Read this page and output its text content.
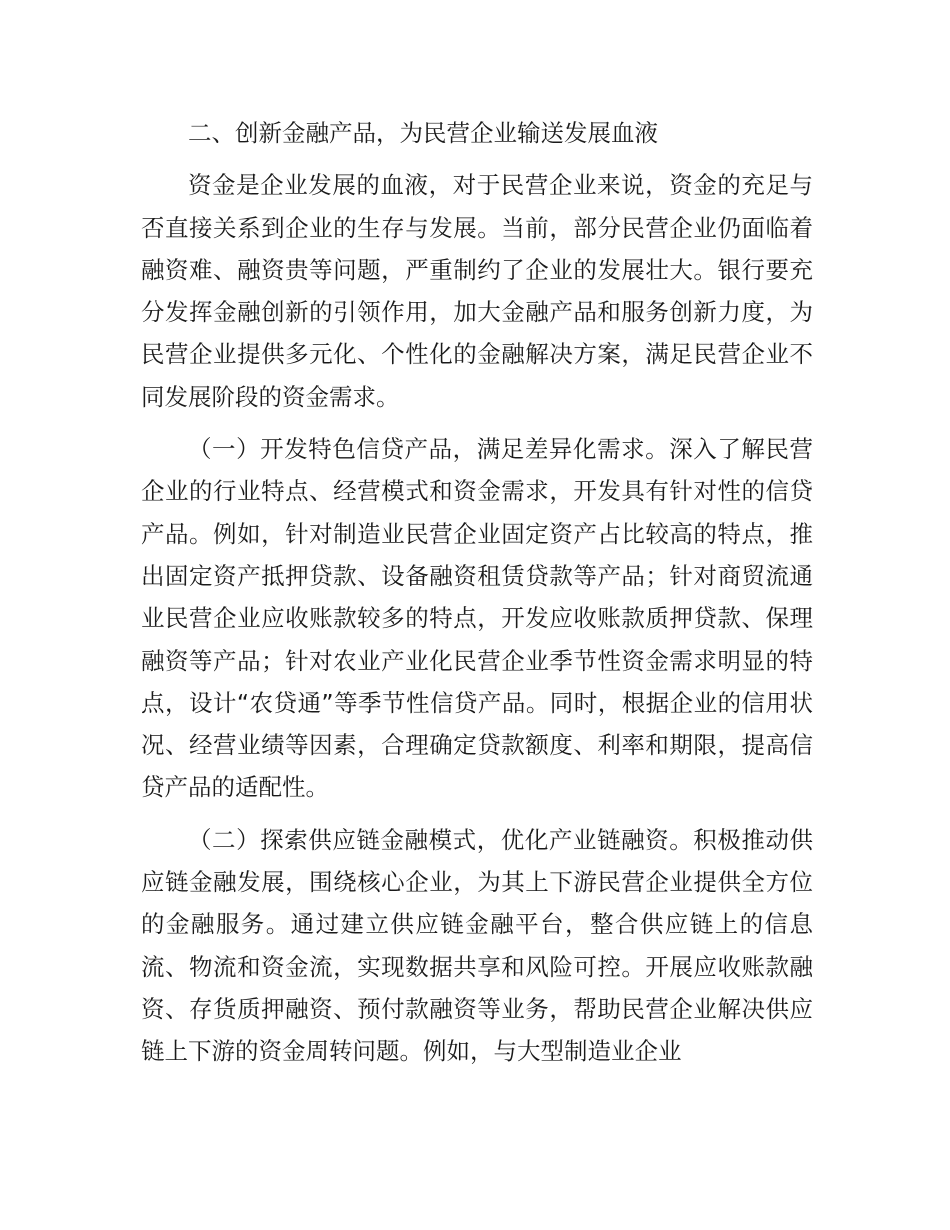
二、创新金融产品，为民营企业输送发展血液

资金是企业发展的血液，对于民营企业来说，资金的充足与否直接关系到企业的生存与发展。当前，部分民营企业仍面临着融资难、融资贵等问题，严重制约了企业的发展壮大。银行要充分发挥金融创新的引领作用，加大金融产品和服务创新力度，为民营企业提供多元化、个性化的金融解决方案，满足民营企业不同发展阶段的资金需求。

（一）开发特色信贷产品，满足差异化需求。深入了解民营企业的行业特点、经营模式和资金需求，开发具有针对性的信贷产品。例如，针对制造业民营企业固定资产占比较高的特点，推出固定资产抵押贷款、设备融资租赁贷款等产品；针对商贸流通业民营企业应收账款较多的特点，开发应收账款质押贷款、保理融资等产品；针对农业产业化民营企业季节性资金需求明显的特点，设计“农贷通”等季节性信贷产品。同时，根据企业的信用状况、经营业绩等因素，合理确定贷款额度、利率和期限，提高信贷产品的适配性。

（二）探索供应链金融模式，优化产业链融资。积极推动供应链金融发展，围绕核心企业，为其上下游民营企业提供全方位的金融服务。通过建立供应链金融平台，整合供应链上的信息流、物流和资金流，实现数据共享和风险可控。开展应收账款融资、存货质押融资、预付款融资等业务，帮助民营企业解决供应链上下游的资金周转问题。例如，与大型制造业企业
